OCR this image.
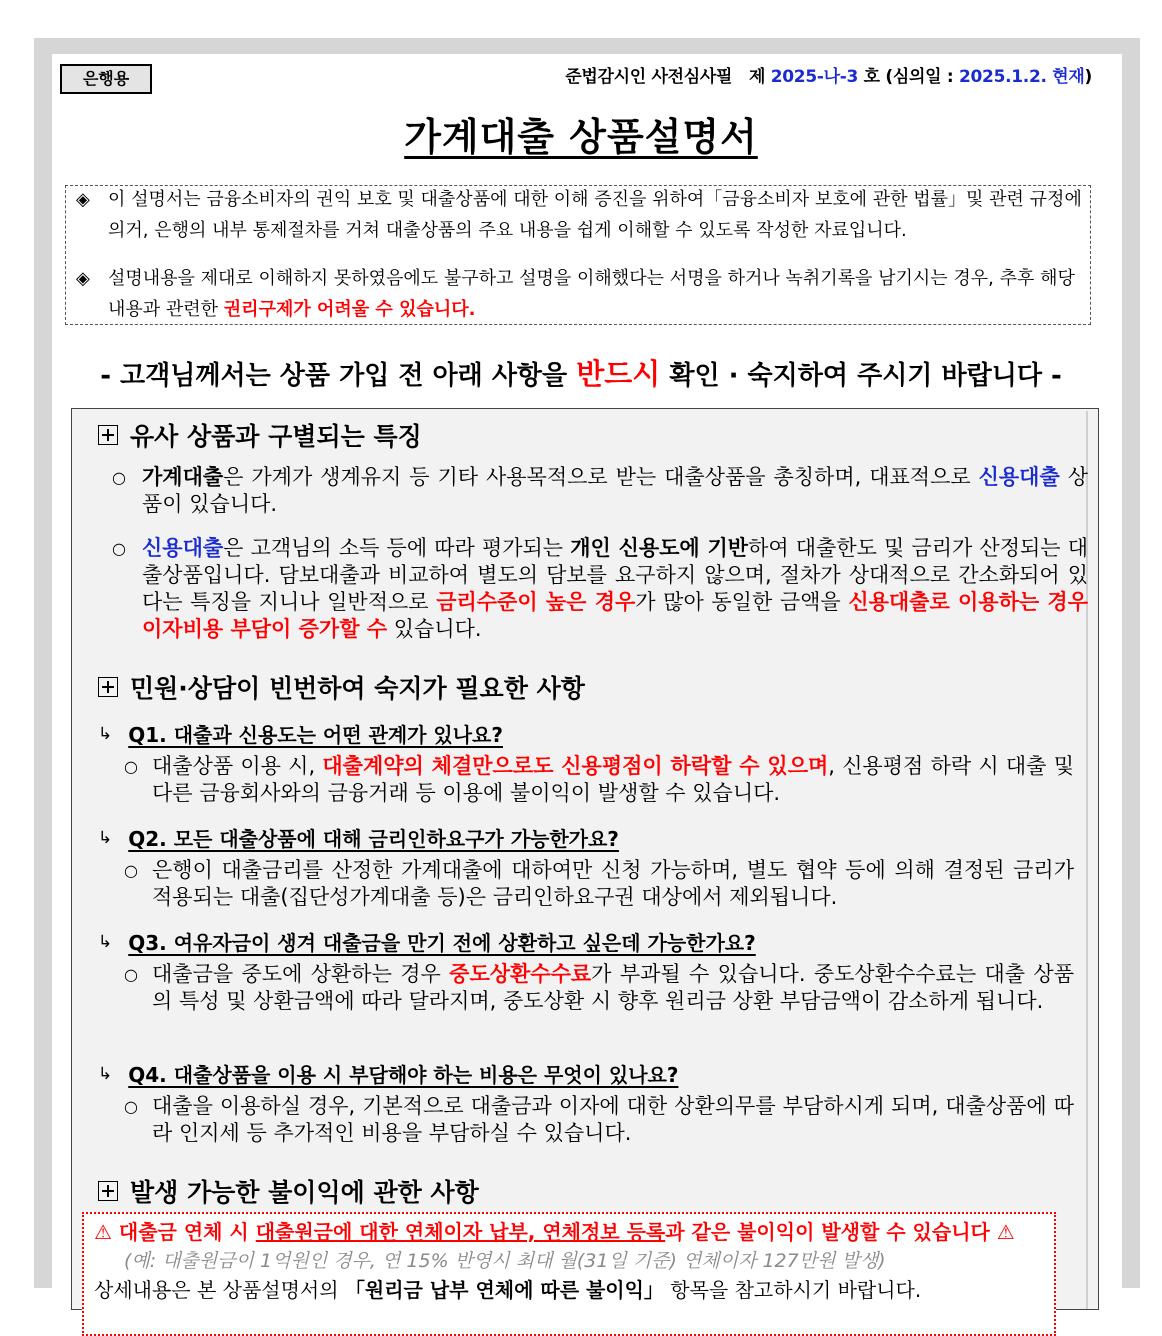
은행용	준법감시인 사전심사필 제 2025-나-3 호 (심의일 : 2025.1.2. 현재)
가계대출 상품설명서

◈ 이 설명서는 금융소비자의 권익 보호 및 대출상품에 대한 이해 증진을 위하여「금융소비자 보호에 관한 법률」및 관련 규정에 의거, 은행의 내부 통제절차를 거쳐 대출상품의 주요 내용을 쉽게 이해할 수 있도록 작성한 자료입니다.

◈ 설명내용을 제대로 이해하지 못하였음에도 불구하고 설명을 이해했다는 서명을 하거나 녹취기록을 남기시는 경우, 추후 해당 내용과 관련한 권리구제가 어려울 수 있습니다.

- 고객님께서는 상품 가입 전 아래 사항을 반드시 확인 · 숙지하여 주시기 바랍니다 -
유사 상품과 구별되는 특징
○ 가계대출은 가계가 생계유지 등 기타 사용목적으로 받는 대출상품을 총칭하며, 대표적으로 신용대출 상품이 있습니다.
○ 신용대출은 고객님의 소득 등에 따라 평가되는 개인 신용도에 기반하여 대출한도 및 금리가 산정되는 대출상품입니다. 담보대출과 비교하여 별도의 담보를 요구하지 않으며, 절차가 상대적으로 간소화되어 있다는 특징을 지니나 일반적으로 금리수준이 높은 경우가 많아 동일한 금액을 신용대출로 이용하는 경우 이자비용 부담이 증가할 수 있습니다.
민원·상담이 빈번하여 숙지가 필요한 사항
↳ Q1. 대출과 신용도는 어떤 관계가 있나요?
○ 대출상품 이용 시, 대출계약의 체결만으로도 신용평점이 하락할 수 있으며, 신용평점 하락 시 대출 및 다른 금융회사와의 금융거래 등 이용에 불이익이 발생할 수 있습니다.
↳ Q2. 모든 대출상품에 대해 금리인하요구가 가능한가요?
○ 은행이 대출금리를 산정한 가계대출에 대하여만 신청 가능하며, 별도 협약 등에 의해 결정된 금리가 적용되는 대출(집단성가계대출 등)은 금리인하요구권 대상에서 제외됩니다.
↳ Q3. 여유자금이 생겨 대출금을 만기 전에 상환하고 싶은데 가능한가요?
○ 대출금을 중도에 상환하는 경우 중도상환수수료가 부과될 수 있습니다. 중도상환수수료는 대출 상품의 특성 및 상환금액에 따라 달라지며, 중도상환 시 향후 원리금 상환 부담금액이 감소하게 됩니다.
↳ Q4. 대출상품을 이용 시 부담해야 하는 비용은 무엇이 있나요?
○ 대출을 이용하실 경우, 기본적으로 대출금과 이자에 대한 상환의무를 부담하시게 되며, 대출상품에 따라 인지세 등 추가적인 비용을 부담하실 수 있습니다.
발생 가능한 불이익에 관한 사항
⚠ 대출금 연체 시 대출원금에 대한 연체이자 납부, 연체정보 등록과 같은 불이익이 발생할 수 있습니다 ⚠
(예: 대출원금이 1억원인 경우, 연 15% 반영시 최대 월(31일 기준) 연체이자 127만원 발생)
상세내용은 본 상품설명서의 「원리금 납부 연체에 따른 불이익」 항목을 참고하시기 바랍니다.
